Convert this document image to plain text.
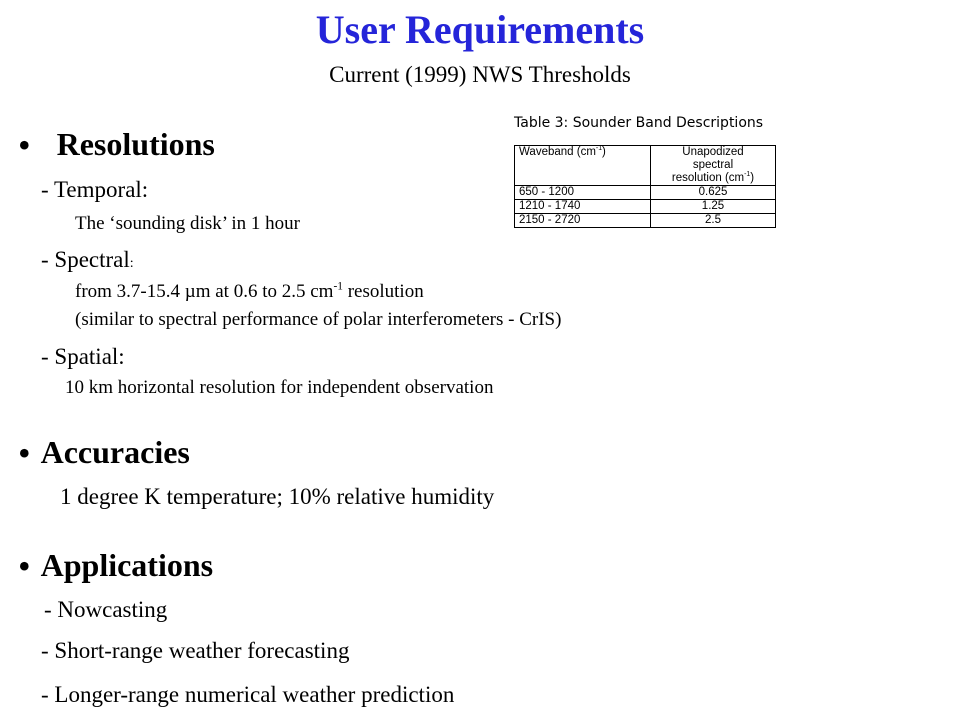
User Requirements
Current (1999) NWS Thresholds
• Resolutions
- Temporal:
The ‘sounding disk’ in 1 hour
- Spectral:
from 3.7-15.4 µm at 0.6 to 2.5 $cm^{-1}$ resolution
(similar to spectral performance of polar interferometers - CrIS)
- Spatial:
10 km horizontal resolution for independent observation
• Accuracies
1 degree K temperature; 10% relative humidity
• Applications
- Nowcasting
- Short-range weather forecasting
- Longer-range numerical weather prediction
Table 3: Sounder Band Descriptions
Waveband $(cm^{-1})$	Unapodized
spectral
resolution $(cm^{-1})$
650 - 1200	0.625
1210 - 1740	1.25
2150 - 2720	2.5
